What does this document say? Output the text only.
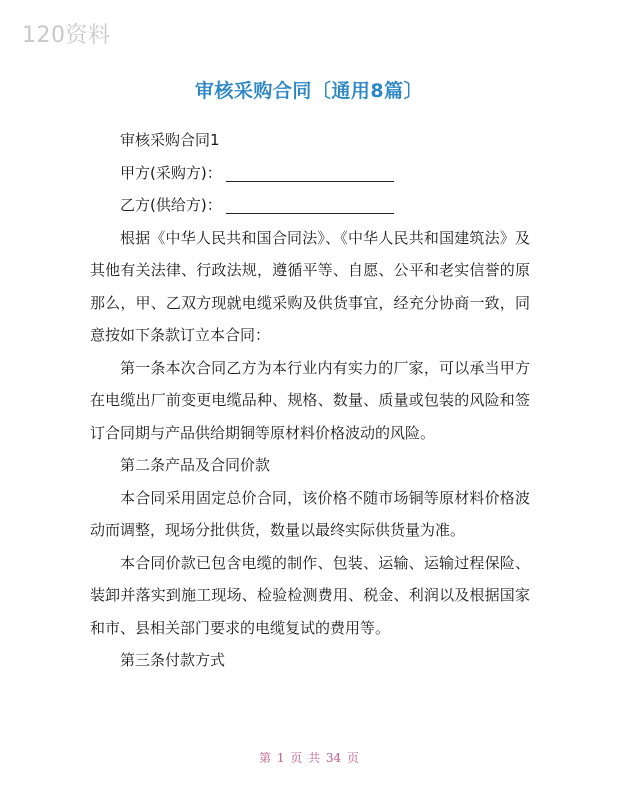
120资料
审核采购合同〔通用8篇〕

审核采购合同1

甲方(采购方)：

乙方(供给方)：

根据《中华人民共和国合同法》、《中华人民共和国建筑法》及其他有关法律、行政法规，遵循平等、自愿、公平和老实信誉的原那么，甲、乙双方现就电缆采购及供货事宜，经充分协商一致，同意按如下条款订立本合同：

第一条本次合同乙方为本行业内有实力的厂家，可以承当甲方在电缆出厂前变更电缆品种、规格、数量、质量或包装的风险和签订合同期与产品供给期铜等原材料价格波动的风险。

第二条产品及合同价款

本合同采用固定总价合同，该价格不随市场铜等原材料价格波动而调整，现场分批供货，数量以最终实际供货量为准。

本合同价款已包含电缆的制作、包装、运输、运输过程保险、装卸并落实到施工现场、检验检测费用、税金、利润以及根据国家和市、县相关部门要求的电缆复试的费用等。

第三条付款方式

第 1 页 共 34 页
